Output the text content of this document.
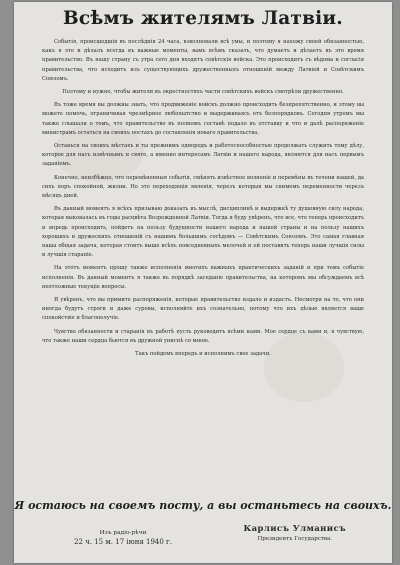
Всѣмъ жителямъ Латвіи.

Событія, происшедшія въ послѣднія 24 часа, взволновали всѣ умы, и поэтому я нахожу своей обязанностью, какъ я это и дѣлалъ всегда въ важные моменты, вамъ всѣмъ сказать, что думаетъ и дѣлаетъ въ это время правительство. Въ нашу страну съ утра сего дня входятъ совѣтскія войска. Это происходитъ съ вѣдома и согласія правительства, что исходитъ изъ существующихъ дружественныхъ отношеній между Латвіей и Совѣтскимъ Союзомъ.

Поэтому и нужно, чтобы жители въ окрестностяхъ части совѣтскихъ войскъ смотрѣли дружественно.

Въ тоже время вы должны знать, что продвиженіе войскъ должно происходить безпрепятственно, и этому вы можете помочь, ограничивая чрезмѣрное любопытство и выдерживаясь отъ безпорядковъ. Сегодня утромъ мы также слышали о томъ, что правительство въ полномъ составѣ подало въ отставку и что и далѣ распоряженіе министрамъ остаться на своихъ постахъ до составленія новаго правительства.

Останься на своихъ мѣстахъ и ты прежнимъ однородъ и работоспособностью продолжать служить тому дѣлу, которое для насъ извѣчнымъ и свято, а именно интересамъ Латвіи и нашего народа, являются для насъ первымъ заданіемъ.

Конечно, неизбѣжно, что перемѣненныя событія, смѣнять извѣстное волненіе и перемѣны въ течени нашей, да сихъ поръ спокойной, жизни. Но это переходящія явленія, черезъ которыя мы снимемъ переменности черезъ мѣсяцъ дней.

Въ данный моментъ я всѣхъ призываю доказать въ мыслѣ, дисциплинѣ и выдержкѣ ту душевную силу народа, которая выковалась въ годы расцвѣта Возрожденной Латвіи. Тогда я буду увѣренъ, что все, что теперь происходитъ и впредь происходить, пойдетъ на пользу будущности нашего народа и нашей страны и на пользу нашихъ хорошихъ и дружескихъ отношеній съ нашимъ большимъ сосѣдомъ — Совѣтскимъ Союзомъ. Это самая главная наша общая задача, которая стоитъ выше всѣхъ повседневныхъ мелочей и ей поставить теперь наши лучшія силы и лучшія стараніе.

На этотъ моментъ прошу также исполненія многихъ важныхъ практическихъ заданій и при томъ событіе исполненія. Въ данный моментъ я также въ порядкѣ заседаніе правительства, на которомъ мы обсуждаемъ всѣ неотложные текущіе вопросы.

Я увѣренъ, что вы примите распоряженія, которые правительство издало и издастъ. Несмотря на то, что они иногда будутъ строги и даже суровы, исполняйте ихъ сознательно, потому что ихъ цѣлью является ваше спокойствіе и благополучіе.

Чувство обязанности и старанія въ работѣ пусть руководитъ всѣми нами. Мое сердце съ вами и, я чувствую, что также наши сердца бьются въ дружной униснѣ со мною.

Такъ пойдемъ впередъ и исполнимъ свое задачи.

Я остаюсь на своемъ посту, а вы останьтесь на своихъ.
Изъ радіо-рѣчи
22 ч. 15 м. 17 іюня 1940 г.
Карлисъ Улманисъ
Президентъ Государства.
